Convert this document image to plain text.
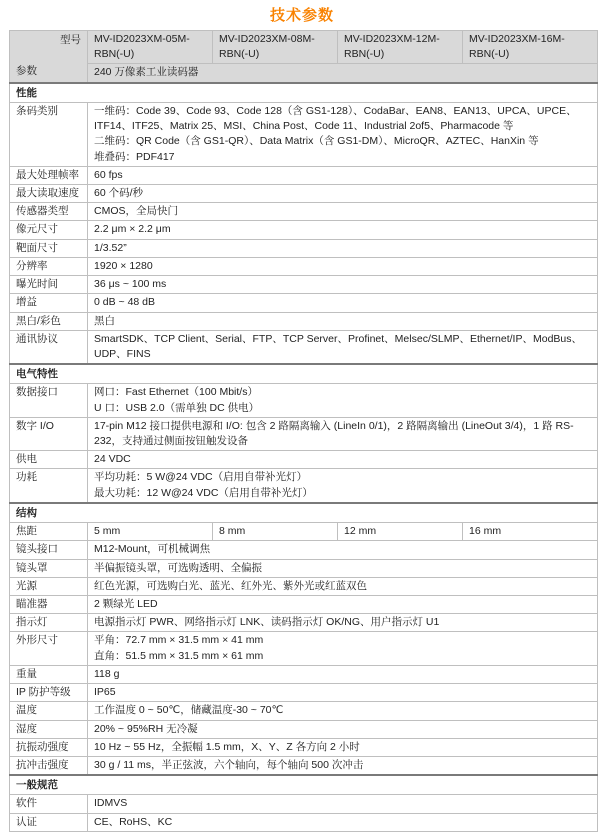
技术参数
型号
参数	MV-ID2023XM-05M-RBN(-U)	MV-ID2023XM-08M-RBN(-U)	MV-ID2023XM-12M-RBN(-U)	MV-ID2023XM-16M-RBN(-U)
	240 万像素工业读码器			
性能				
条码类别	一维码：Code 39、Code 93、Code 128（含 GS1-128）、CodaBar、EAN8、EAN13、UPCA、UPCE、ITF14、ITF25、Matrix 25、MSI、China Post、Code 11、Industrial 2of5、Pharmacode 等
二维码：QR Code（含 GS1-QR）、Data Matrix（含 GS1-DM）、MicroQR、AZTEC、HanXin 等
堆叠码：PDF417			

最大处理帧率	60 fps			
最大读取速度	60 个码/秒			
传感器类型	CMOS，全局快门			
像元尺寸	2.2 μm × 2.2 μm			
靶面尺寸	1/3.52”			
分辨率	1920 × 1280			
曝光时间	36 μs ~ 100 ms			
增益	0 dB ~ 48 dB			
黑白/彩色	黑白			
通讯协议	SmartSDK、TCP Client、Serial、FTP、TCP Server、Profinet、Melsec/SLMP、Ethernet/IP、ModBus、UDP、FINS			
电气特性				
数据接口	网口：Fast Ethernet（100 Mbit/s）
U 口：USB 2.0（需单独 DC 供电）			

数字 I/O	17-pin M12 接口提供电源和 I/O: 包含 2 路隔离输入 (LineIn 0/1)，2 路隔离输出 (LineOut 3/4)，1 路 RS-232，支持通过侧面按钮触发设备			
供电	24 VDC			
功耗	平均功耗：5 W@24 VDC（启用自带补光灯）
最大功耗：12 W@24 VDC（启用自带补光灯）			

结构				
焦距	5 mm	8 mm	12 mm	16 mm
镜头接口	M12-Mount，可机械调焦			
镜头罩	半偏振镜头罩，可选购透明、全偏振			
光源	红色光源，可选购白光、蓝光、红外光、紫外光或红蓝双色			
瞄准器	2 颗绿光 LED			
指示灯	电源指示灯 PWR、网络指示灯 LNK、读码指示灯 OK/NG、用户指示灯 U1			
外形尺寸	平角：72.7 mm × 31.5 mm × 41 mm
直角：51.5 mm × 31.5 mm × 61 mm			

重量	118 g			
IP 防护等级	IP65			
温度	工作温度 0 ~ 50℃，储藏温度-30 ~ 70℃			
湿度	20% ~ 95%RH 无冷凝			
抗振动强度	10 Hz ~ 55 Hz，全振幅 1.5 mm，X、Y、Z 各方向 2 小时			
抗冲击强度	30 g / 11 ms，半正弦波，六个轴向，每个轴向 500 次冲击			
一般规范				
软件	IDMVS			
认证	CE、RoHS、KC			
